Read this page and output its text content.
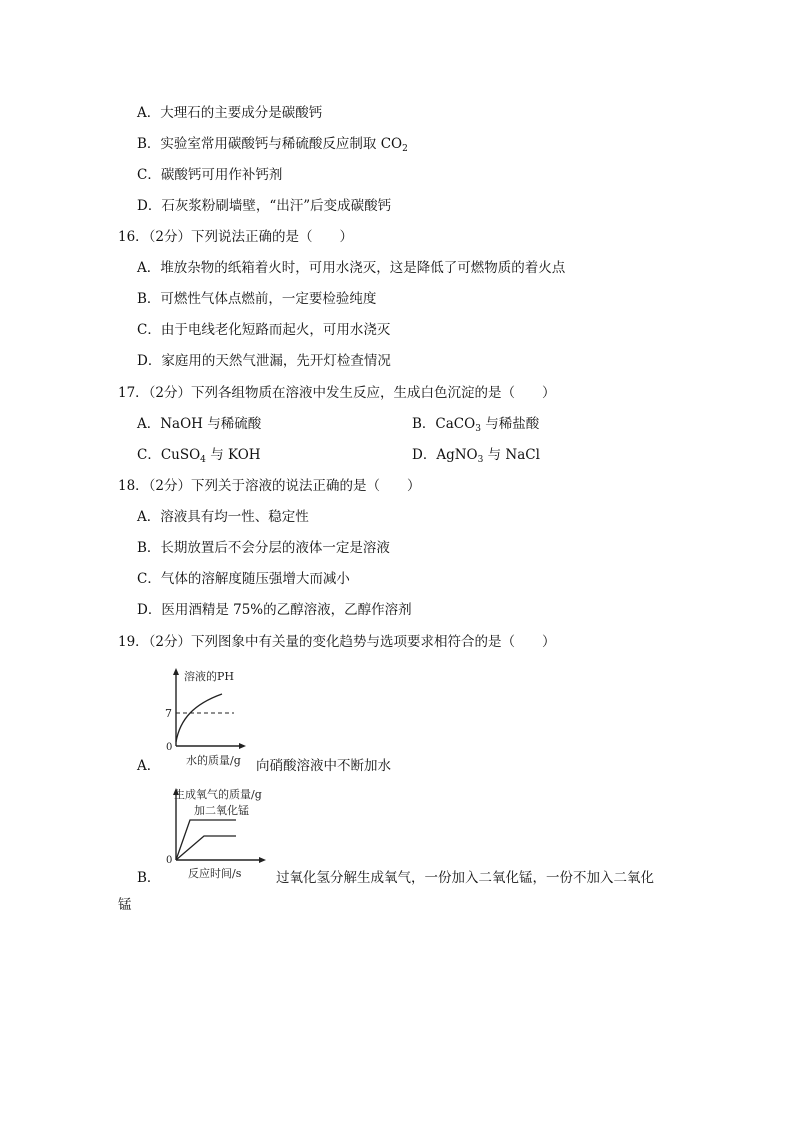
A．大理石的主要成分是碳酸钙
B．实验室常用碳酸钙与稀硫酸反应制取 $CO_2$
C．碳酸钙可用作补钙剂
D．石灰浆粉刷墙壁，“出汗”后变成碳酸钙
16．（2分）下列说法正确的是（　　）
A．堆放杂物的纸箱着火时，可用水浇灭，这是降低了可燃物质的着火点
B．可燃性气体点燃前，一定要检验纯度
C．由于电线老化短路而起火，可用水浇灭
D．家庭用的天然气泄漏，先开灯检查情况
17．（2分）下列各组物质在溶液中发生反应，生成白色沉淀的是（　　）
A．NaOH 与稀硫酸	B．CaCO$_3$ 与稀盐酸
C．CuSO$_4$ 与 KOH	D．AgNO$_3$ 与 NaCl
18．（2分）下列关于溶液的说法正确的是（　　）
A．溶液具有均一性、稳定性
B．长期放置后不会分层的液体一定是溶液
C．气体的溶解度随压强增大而减小
D．医用酒精是 75%的乙醇溶液，乙醇作溶剂
19．（2分）下列图象中有关量的变化趋势与选项要求相符合的是（　　）
溶液的PH
7
0
水的质量/g
A．	向硝酸溶液中不断加水
生成氧气的质量/g
加二氧化锰
0
反应时间/s
B．	过氧化氢分解生成氧气，一份加入二氧化锰，一份不加入二氧化
锰
